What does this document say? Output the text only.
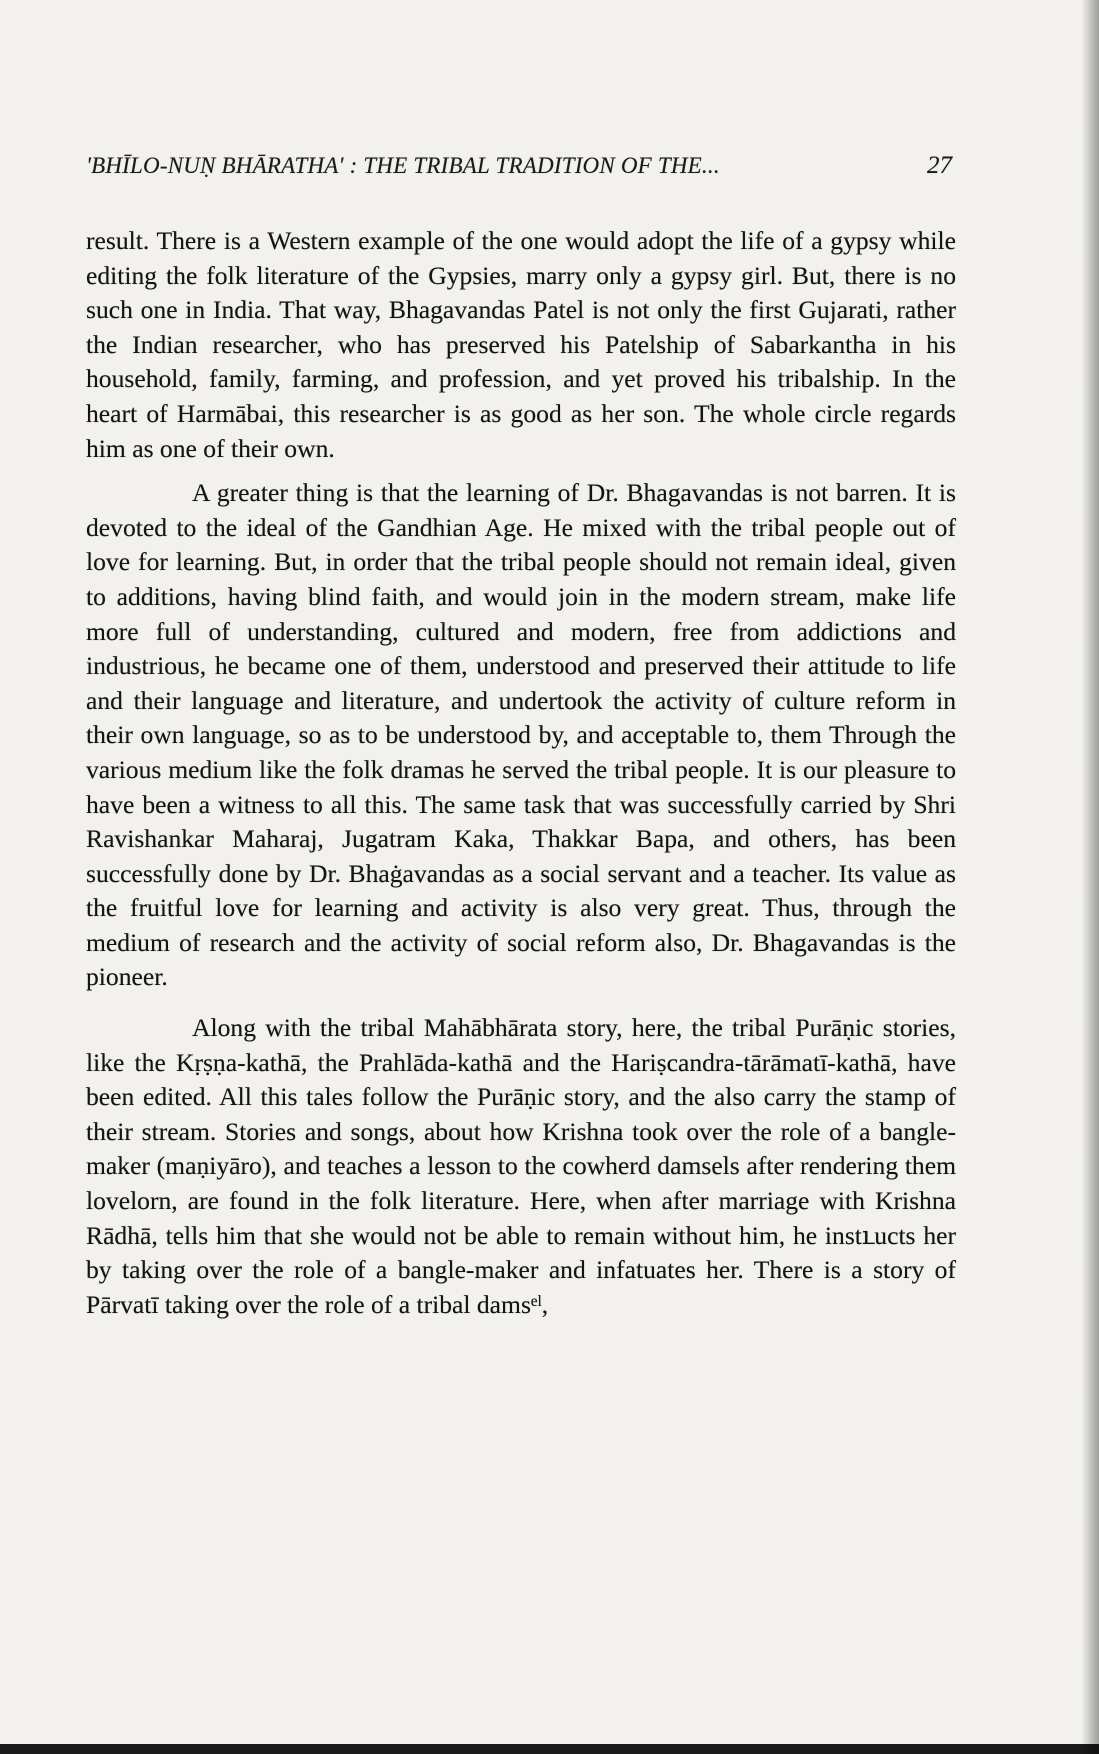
'BHĪLO-NUṆ BHĀRATHA' : THE TRIBAL TRADITION OF THE...	27

result. There is a Western example of the one would adopt the life of a gypsy while editing the folk literature of the Gypsies, marry only a gypsy girl. But, there is no such one in India. That way, Bhagavandas Patel is not only the first Gujarati, rather the Indian researcher, who has preserved his Patelship of Sabarkantha in his household, family, farming, and profession, and yet proved his tribalship. In the heart of Harmābai, this researcher is as good as her son. The whole circle regards him as one of their own.

A greater thing is that the learning of Dr. Bhagavandas is not barren. It is devoted to the ideal of the Gandhian Age. He mixed with the tribal people out of love for learning. But, in order that the tribal people should not remain ideal, given to additions, having blind faith, and would join in the modern stream, make life more full of understanding, cultured and modern, free from addictions and industrious, he became one of them, understood and preserved their attitude to life and their language and literature, and undertook the activity of culture reform in their own language, so as to be understood by, and acceptable to, them Through the various medium like the folk dramas he served the tribal people. It is our pleasure to have been a witness to all this. The same task that was successfully carried by Shri Ravishankar Maharaj, Jugatram Kaka, Thakkar Bapa, and others, has been successfully done by Dr. Bhaġavandas as a social servant and a teacher. Its value as the fruitful love for learning and activity is also very great. Thus, through the medium of research and the activity of social reform also, Dr. Bhagavandas is the pioneer.

Along with the tribal Mahābhārata story, here, the tribal Purāṇic stories, like the Kṛṣṇa-kathā, the Prahlāda-kathā and the Hariṣcandra-tārāmatī-kathā, have been edited. All this tales follow the Purāṇic story, and the also carry the stamp of their stream. Stories and songs, about how Krishna took over the role of a bangle-maker (maṇiyāro), and teaches a lesson to the cowherd damsels after rendering them lovelorn, are found in the folk literature. Here, when after marriage with Krishna Rādhā, tells him that she would not be able to remain without him, he instւucts her by taking over the role of a bangle-maker and infatuates her. There is a story of Pārvatī taking over the role of a tribal damsᵉˡ,
